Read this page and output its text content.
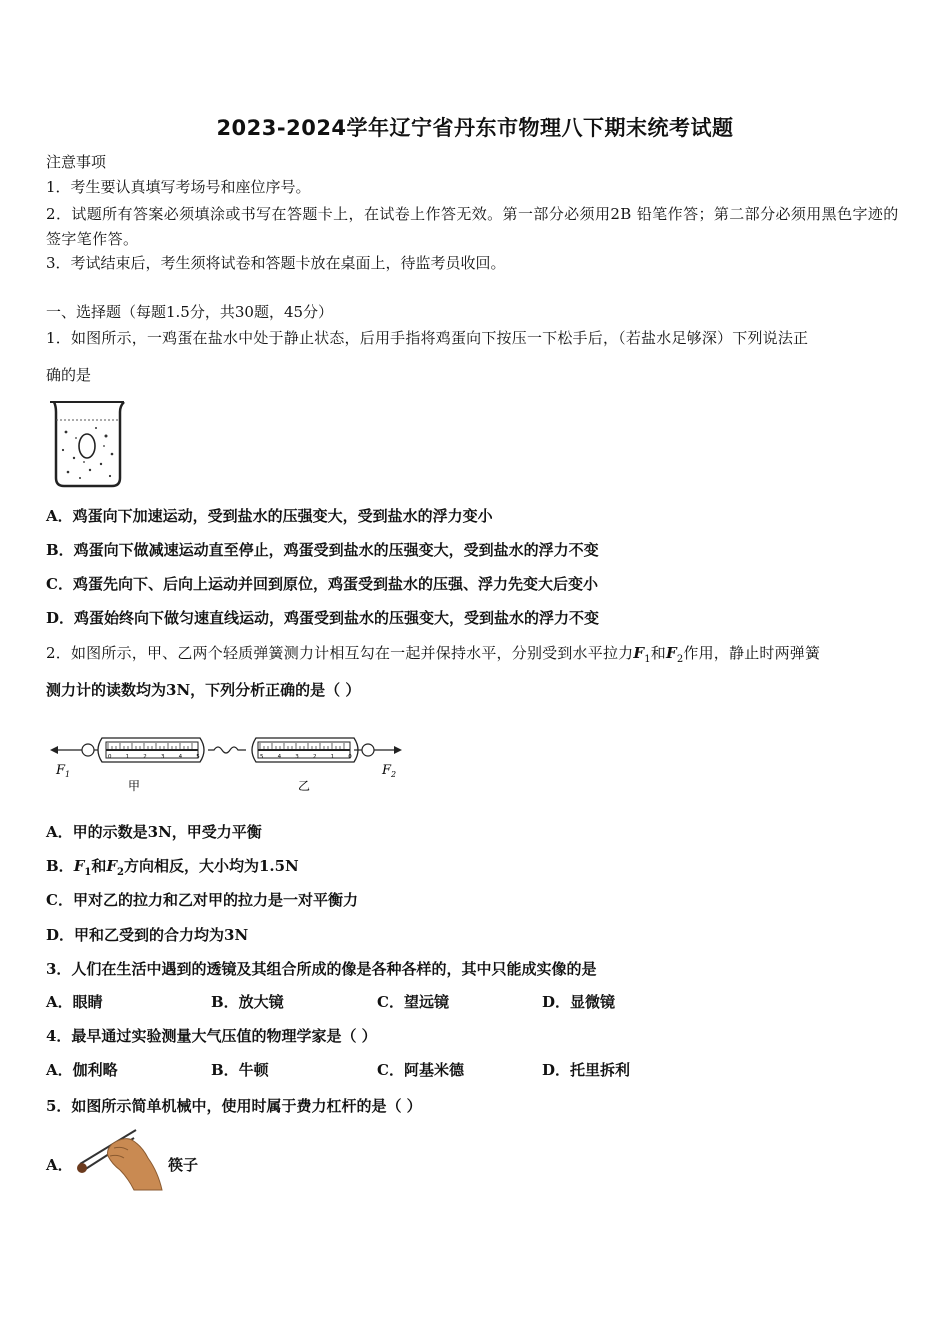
2023-2024学年辽宁省丹东市物理八下期末统考试题
注意事项
1．考生要认真填写考场号和座位序号。
2．试题所有答案必须填涂或书写在答题卡上，在试卷上作答无效。第一部分必须用2B 铅笔作答；第二部分必须用黑色字迹的签字笔作答。
3．考试结束后，考生须将试卷和答题卡放在桌面上，待监考员收回。
一、选择题（每题1.5分，共30题，45分）
1．如图所示，一鸡蛋在盐水中处于静止状态，后用手指将鸡蛋向下按压一下松手后，（若盐水足够深）下列说法正
确的是
A．鸡蛋向下加速运动，受到盐水的压强变大，受到盐水的浮力变小
B．鸡蛋向下做减速运动直至停止，鸡蛋受到盐水的压强变大，受到盐水的浮力不变
C．鸡蛋先向下、后向上运动并回到原位，鸡蛋受到盐水的压强、浮力先变大后变小
D．鸡蛋始终向下做匀速直线运动，鸡蛋受到盐水的压强变大，受到盐水的浮力不变
2．如图所示，甲、乙两个轻质弹簧测力计相互勾在一起并保持水平，分别受到水平拉力$F_1$和$F_2$作用，静止时两弹簧
测力计的读数均为3N，下列分析正确的是（ ）
0 1 2 3 4 5	5 4 3 2 1 0
$F_1$	$F_2$
甲	乙
A．甲的示数是3N，甲受力平衡
B．$F_1$和$F_2$方向相反，大小均为1.5N
C．甲对乙的拉力和乙对甲的拉力是一对平衡力
D．甲和乙受到的合力均为3N
3．人们在生活中遇到的透镜及其组合所成的像是各种各样的，其中只能成实像的是
A．眼睛	B．放大镜	C．望远镜	D．显微镜
4．最早通过实验测量大气压值的物理学家是（ ）
A．伽利略	B．牛顿	C．阿基米德	D．托里拆利
5．如图所示简单机械中，使用时属于费力杠杆的是（ ）
A．	筷子
